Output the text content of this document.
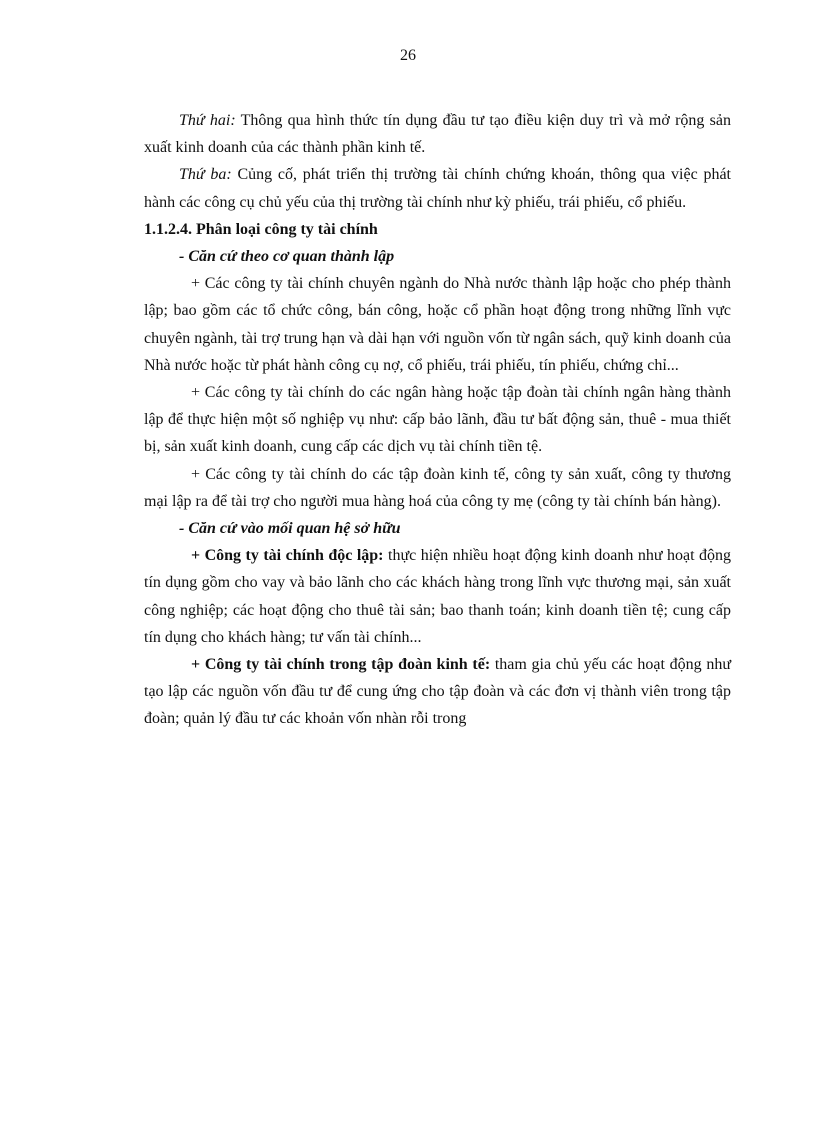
26

Thứ hai: Thông qua hình thức tín dụng đầu tư tạo điều kiện duy trì và mở rộng sản xuất kinh doanh của các thành phần kinh tế.

Thứ ba: Củng cố, phát triển thị trường tài chính chứng khoán, thông qua việc phát hành các công cụ chủ yếu của thị trường tài chính như kỳ phiếu, trái phiếu, cổ phiếu.

1.1.2.4. Phân loại công ty tài chính

- Căn cứ theo cơ quan thành lập

+ Các công ty tài chính chuyên ngành do Nhà nước thành lập hoặc cho phép thành lập; bao gồm các tổ chức công, bán công, hoặc cổ phần hoạt động trong những lĩnh vực chuyên ngành, tài trợ trung hạn và dài hạn với nguồn vốn từ ngân sách, quỹ kinh doanh của Nhà nước hoặc từ phát hành công cụ nợ, cổ phiếu, trái phiếu, tín phiếu, chứng chỉ...

+ Các công ty tài chính do các ngân hàng hoặc tập đoàn tài chính ngân hàng thành lập để thực hiện một số nghiệp vụ như: cấp bảo lãnh, đầu tư bất động sản, thuê - mua thiết bị, sản xuất kinh doanh, cung cấp các dịch vụ tài chính tiền tệ.

+ Các công ty tài chính do các tập đoàn kinh tế, công ty sản xuất, công ty thương mại lập ra để tài trợ cho người mua hàng hoá của công ty mẹ (công ty tài chính bán hàng).

- Căn cứ vào mối quan hệ sở hữu

+ Công ty tài chính độc lập: thực hiện nhiều hoạt động kinh doanh như hoạt động tín dụng gồm cho vay và bảo lãnh cho các khách hàng trong lĩnh vực thương mại, sản xuất công nghiệp; các hoạt động cho thuê tài sản; bao thanh toán; kinh doanh tiền tệ; cung cấp tín dụng cho khách hàng; tư vấn tài chính...

+ Công ty tài chính trong tập đoàn kinh tế: tham gia chủ yếu các hoạt động như tạo lập các nguồn vốn đầu tư để cung ứng cho tập đoàn và các đơn vị thành viên trong tập đoàn; quản lý đầu tư các khoản vốn nhàn rỗi trong
